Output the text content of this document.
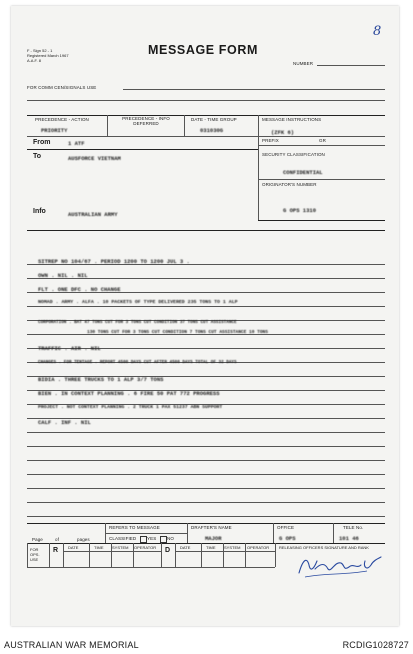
F - Sign 52 - 1
Registered March 1967
A.A.F. 8
MESSAGE FORM
8
NUMBER
FOR COMM CEN/SIGNALS USE
PRECEDENCE - ACTION	PRECEDENCE - INFO
DEFERRED
DATE - TIME GROUP	MESSAGE INSTRUCTIONS
PRIORITY	031030G	(ZFK 6)
PREFIX	GR
From	1 ATF
To	AUSFORCE VIETNAM
SECURITY CLASSIFICATION
CONFIDENTIAL
ORIGINATOR'S NUMBER
G OPS 1310
Info	AUSTRALIAN ARMY
SITREP NO 104/67 . PERIOD 1200 TO 1200 JUL 3 .
OWN . NIL . NIL
FLT . ONE DFC . NO CHANGE
NOMAD . ARMY . ALFA . 10 PACKETS OF TYPE DELIVERED 235 TONS TO 1 ALP
CORPORATION . BAT 47 TONS CUT FOR 3 TONS CUT CONDITION 37 TONS CUT ASSISTANCE
130 TONS CUT FOR 3 TONS CUT CONDITION 7 TONS CUT ASSISTANCE 10 TONS
TRAFFIC . AIR . NIL
CHANGES . FOR TENTAGE . REPORT 4500 DAYS CUT AFTER 4500 DAYS TOTAL OF 32 DAYS
BIDIA . THREE TRUCKS TO 1 ALP 3/7 TONS
BIEN . IN CONTEXT PLANNING . 6 FIRE 50 PAT 772 PROGRESS
PROJECT . NOT CONTEXT PLANNING . 2 TRUCK 1 PAX 51237 ABN SUPPORT
CALF . INF . NIL
Page	of	pages
REFERS TO MESSAGE
CLASSIFIED YES NO
DRAFTER'S NAME	OFFICE	TELE No.
MAJOR	G OPS	101 46
FOR
OPS.
USE
R DATE	TIME SYSTEM OPERATOR D DATE	TIME SYSTEM OPERATOR RELEASING OFFICERS SIGNATURE AND RANK
AUSTRALIAN WAR MEMORIAL	RCDIG1028727
